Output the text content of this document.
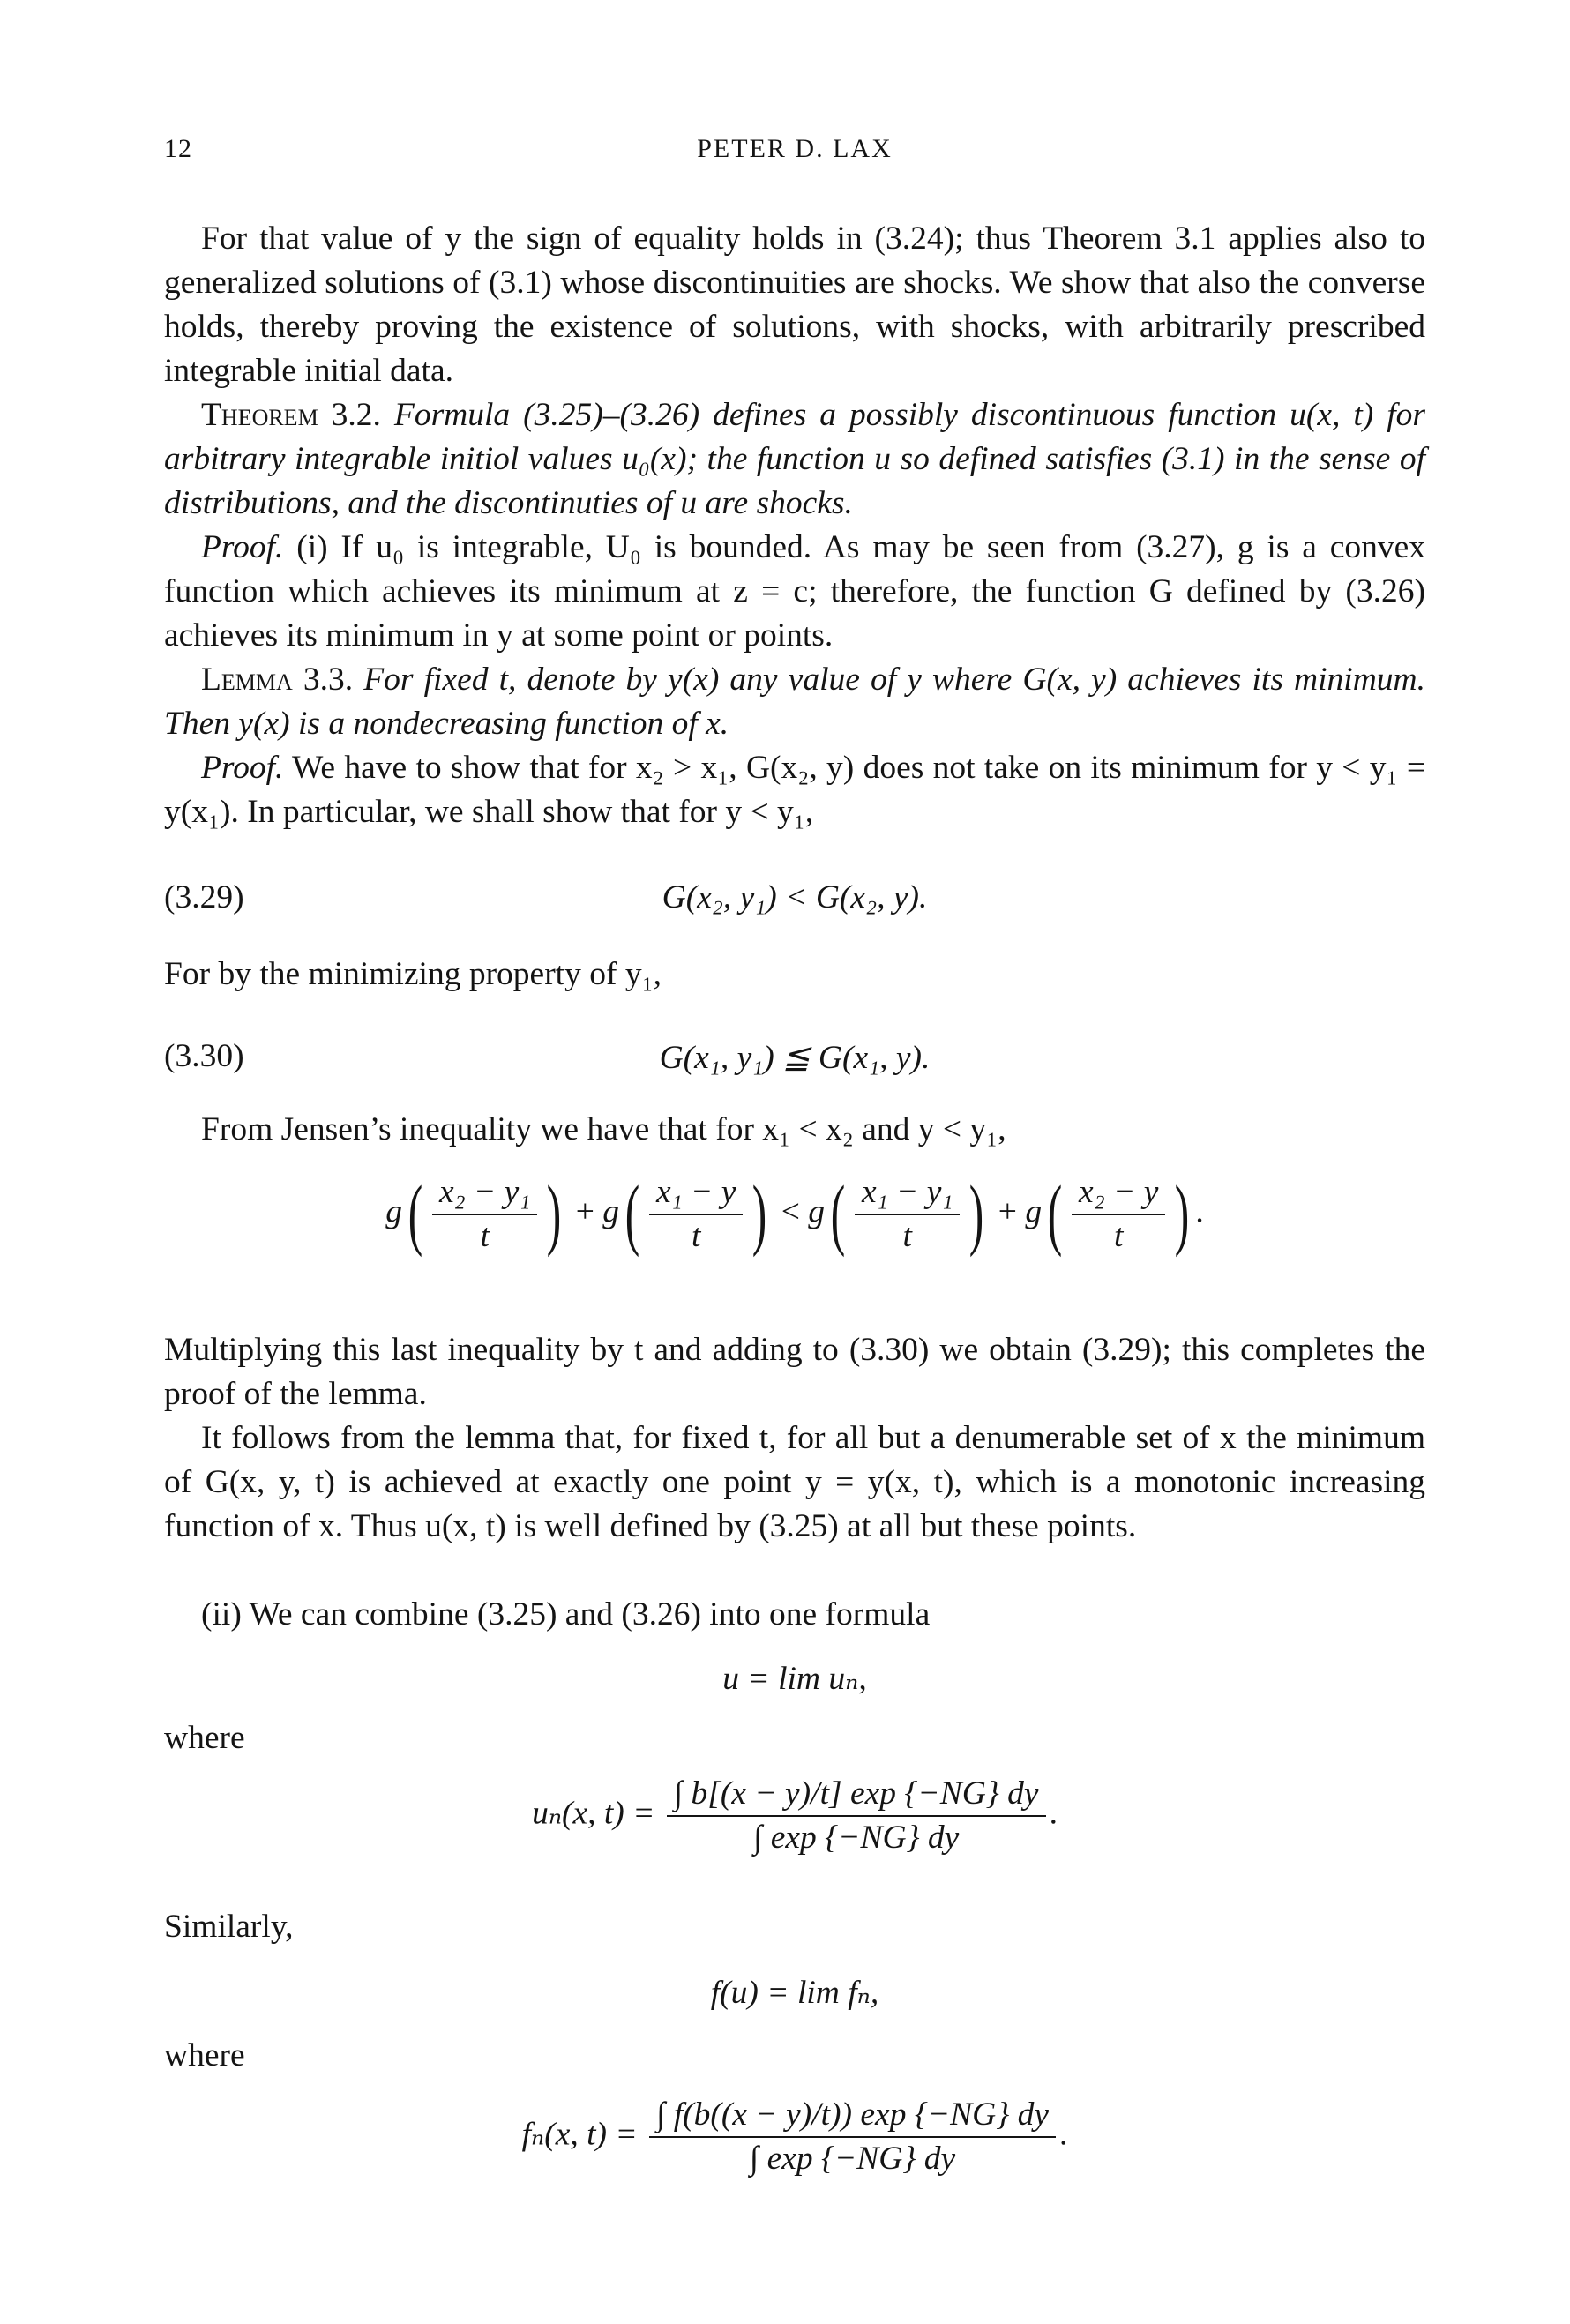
12	PETER D. LAX
For that value of y the sign of equality holds in (3.24); thus Theorem 3.1 applies also to generalized solutions of (3.1) whose discontinuities are shocks. We show that also the converse holds, thereby proving the existence of solutions, with shocks, with arbitrarily prescribed integrable initial data.
Theorem 3.2. Formula (3.25)–(3.26) defines a possibly discontinuous function u(x, t) for arbitrary integrable initiol values u₀(x); the function u so defined satisfies (3.1) in the sense of distributions, and the discontinuties of u are shocks.
Proof. (i) If u₀ is integrable, U₀ is bounded. As may be seen from (3.27), g is a convex function which achieves its minimum at z = c; therefore, the function G defined by (3.26) achieves its minimum in y at some point or points.
Lemma 3.3. For fixed t, denote by y(x) any value of y where G(x, y) achieves its minimum. Then y(x) is a nondecreasing function of x.
Proof. We have to show that for x₂ > x₁, G(x₂, y) does not take on its minimum for y < y₁ = y(x₁). In particular, we shall show that for y < y₁,
(3.29)	G(x₂, y₁) < G(x₂, y).
For by the minimizing property of y₁,
(3.30)	G(x₁, y₁) ≦ G(x₁, y).
From Jensen’s inequality we have that for x₁ < x₂ and y < y₁,
$g( \frac{\text{x₂ − y₁}}{t}$ ) + $g( \frac{\text{x₁ − y}}{t}$ ) < $g( \frac{\text{x₁ − y₁}}{t}$ ) + $g( \frac{\text{x₂ − y}}{t}$ ) .
Multiplying this last inequality by t and adding to (3.30) we obtain (3.29); this completes the proof of the lemma.
It follows from the lemma that, for fixed t, for all but a denumerable set of x the minimum of G(x, y, t) is achieved at exactly one point y = y(x, t), which is a monotonic increasing function of x. Thus u(x, t) is well defined by (3.25) at all but these points.
(ii) We can combine (3.25) and (3.26) into one formula
u = lim uₙ,
where
uₙ(x, $t) = \frac{\int b[(x - y)/t] \exp \{-NG\} dy}{\int \exp \{-NG\} dy}$ .
Similarly,
f(u) = lim fₙ,
where
fₙ(x, $t) = \frac{\int f(b((x - y)/t)) \exp \{-NG\} dy}{\int \exp \{-NG\} dy}$ .
